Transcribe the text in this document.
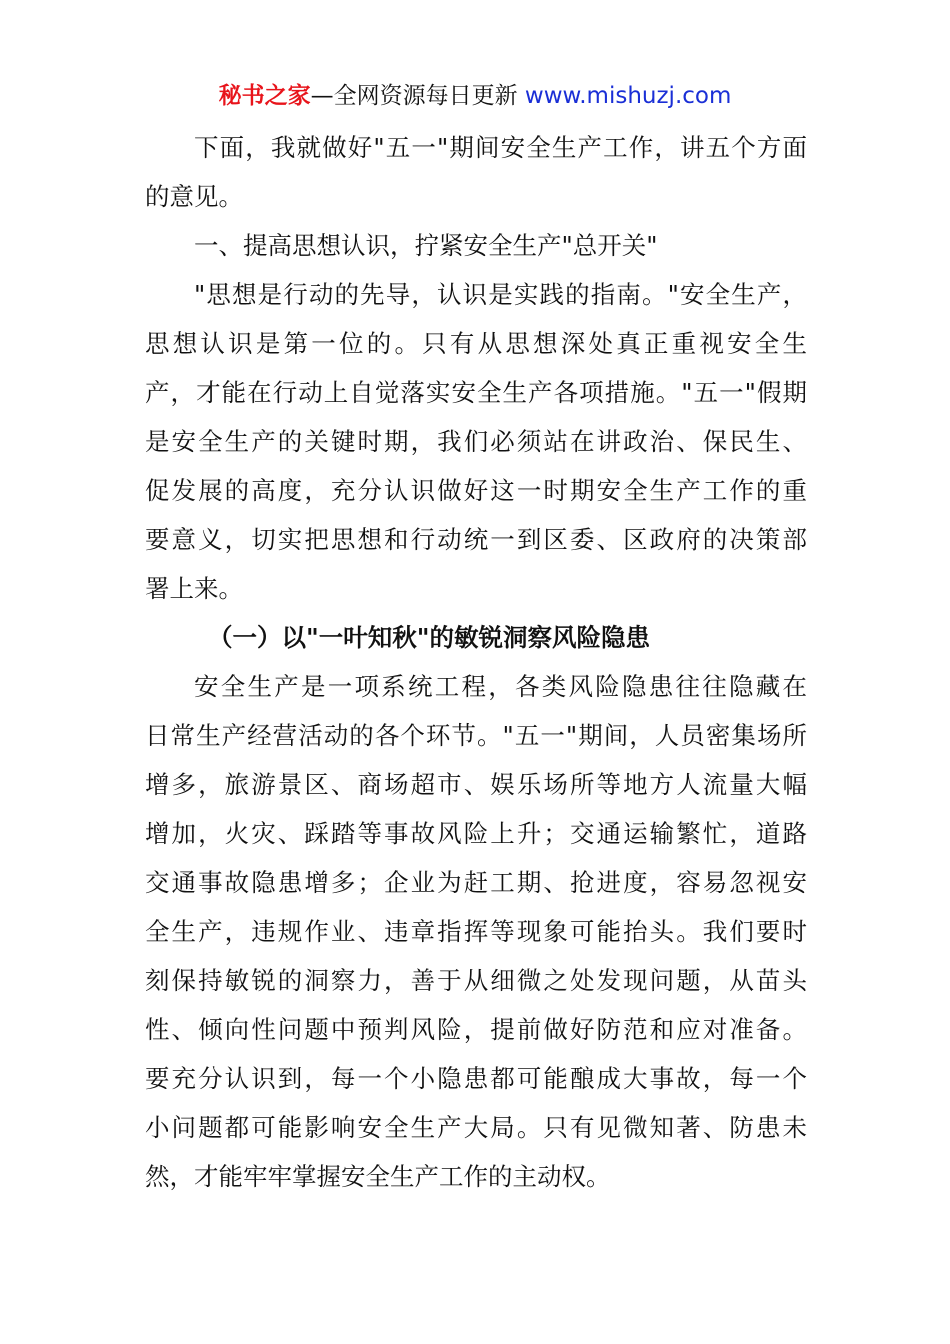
秘书之家—全网资源每日更新 www.mishuzj.com
下面，我就做好"五一"期间安全生产工作，讲五个方面
的意见。
一、提高思想认识，拧紧安全生产"总开关"
"思想是行动的先导，认识是实践的指南。"安全生产，
思想认识是第一位的。只有从思想深处真正重视安全生
产，才能在行动上自觉落实安全生产各项措施。"五一"假期
是安全生产的关键时期，我们必须站在讲政治、保民生、
促发展的高度，充分认识做好这一时期安全生产工作的重
要意义，切实把思想和行动统一到区委、区政府的决策部
署上来。
（一）以"一叶知秋"的敏锐洞察风险隐患
安全生产是一项系统工程，各类风险隐患往往隐藏在
日常生产经营活动的各个环节。"五一"期间，人员密集场所
增多，旅游景区、商场超市、娱乐场所等地方人流量大幅
增加，火灾、踩踏等事故风险上升；交通运输繁忙，道路
交通事故隐患增多；企业为赶工期、抢进度，容易忽视安
全生产，违规作业、违章指挥等现象可能抬头。我们要时
刻保持敏锐的洞察力，善于从细微之处发现问题，从苗头
性、倾向性问题中预判风险，提前做好防范和应对准备。
要充分认识到，每一个小隐患都可能酿成大事故，每一个
小问题都可能影响安全生产大局。只有见微知著、防患未
然，才能牢牢掌握安全生产工作的主动权。
